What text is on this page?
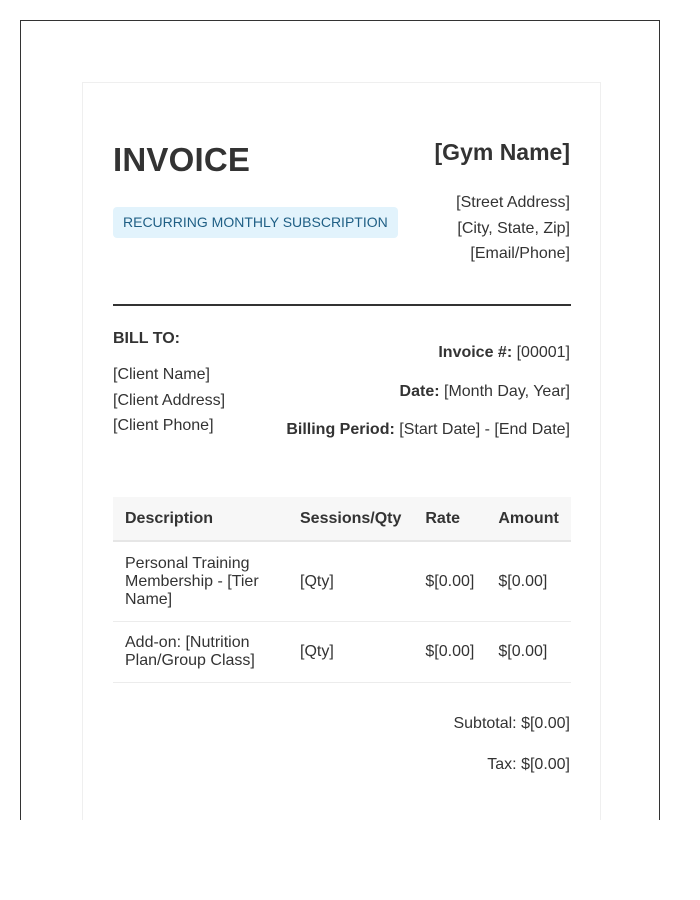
INVOICE
RECURRING MONTHLY SUBSCRIPTION
[Gym Name]
[Street Address]
[City, State, Zip]
[Email/Phone]
BILL TO:
[Client Name]
[Client Address]
[Client Phone]
Invoice #: [00001]
Date: [Month Day, Year]
Billing Period: [Start Date] - [End Date]
Description	Sessions/Qty	Rate	Amount
Personal Training Membership - [Tier Name]	[Qty]	$[0.00]	$[0.00]
Add-on: [Nutrition Plan/Group Class]	[Qty]	$[0.00]	$[0.00]
Subtotal: $[0.00]
Tax: $[0.00]
